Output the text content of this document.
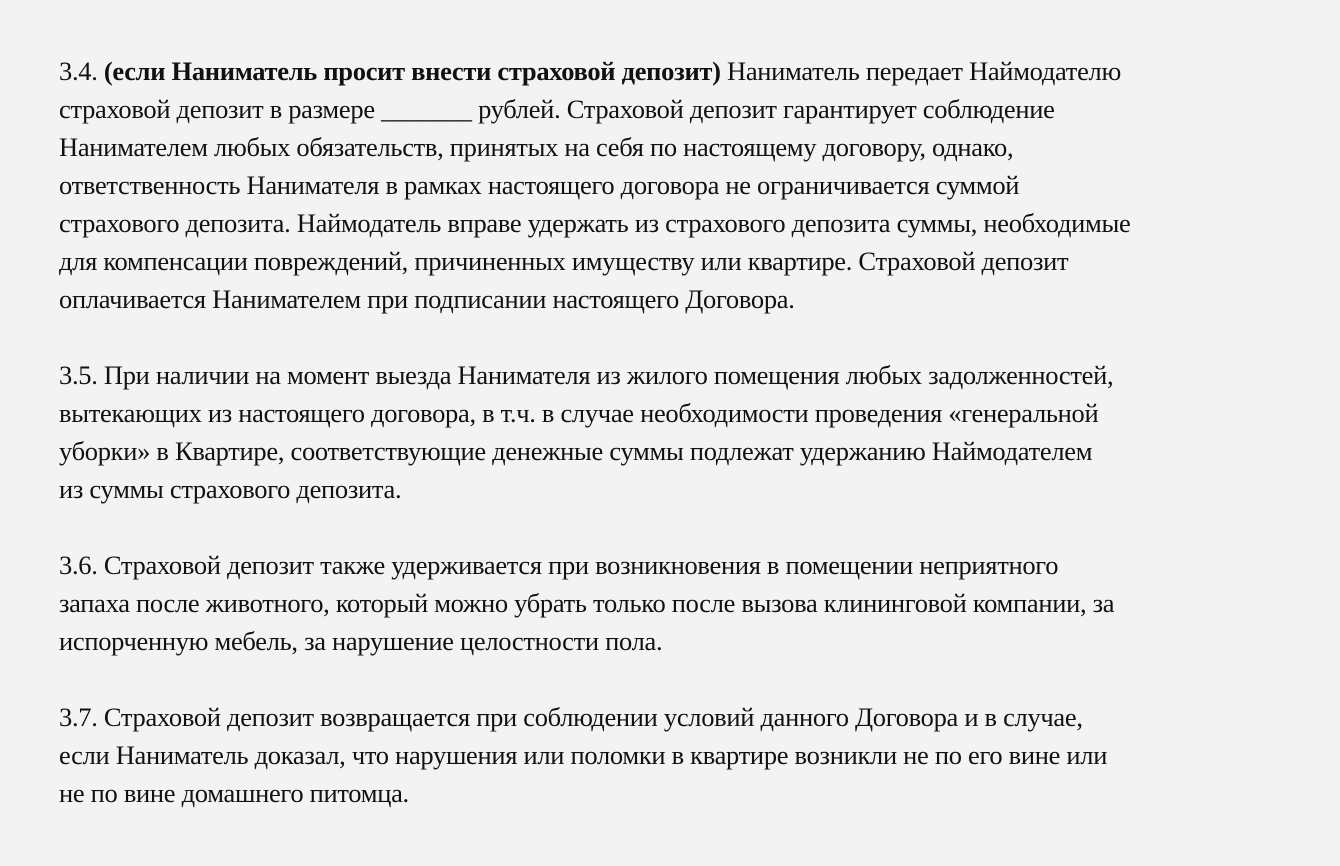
3.4. (если Наниматель просит внести страховой депозит) Наниматель передает Наймодателю
страховой депозит в размере _______ рублей. Страховой депозит гарантирует соблюдение
Нанимателем любых обязательств, принятых на себя по настоящему договору, однако,
ответственность Нанимателя в рамках настоящего договора не ограничивается суммой
страхового депозита. Наймодатель вправе удержать из страхового депозита суммы, необходимые
для компенсации повреждений, причиненных имуществу или квартире. Страховой депозит
оплачивается Нанимателем при подписании настоящего Договора.

3.5. При наличии на момент выезда Нанимателя из жилого помещения любых задолженностей,
вытекающих из настоящего договора, в т.ч. в случае необходимости проведения «генеральной
уборки» в Квартире, соответствующие денежные суммы подлежат удержанию Наймодателем
из суммы страхового депозита.

3.6. Страховой депозит также удерживается при возникновения в помещении неприятного
запаха после животного, который можно убрать только после вызова клининговой компании, за
испорченную мебель, за нарушение целостности пола.

3.7. Страховой депозит возвращается при соблюдении условий данного Договора и в случае,
если Наниматель доказал, что нарушения или поломки в квартире возникли не по его вине или
не по вине домашнего питомца.
